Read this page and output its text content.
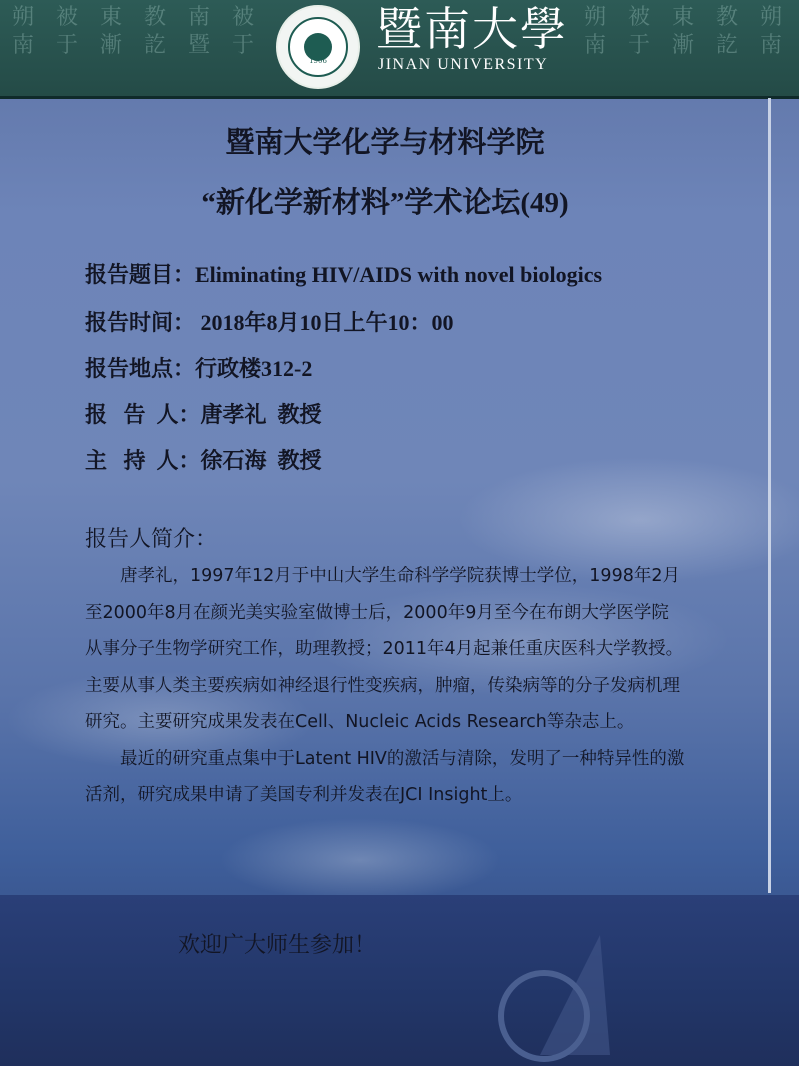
朔南
被于
東漸
教訖
南暨
被于
朔南
被于
東漸
教訖
朔南
1906
暨南大學
JINAN UNIVERSITY
暨南大学化学与材料学院
“新化学新材料”学术论坛(49)
报告题目：Eliminating HIV/AIDS with novel biologics
报告时间： 2018年8月10日上午10：00
报告地点：行政楼312-2
报   告  人：唐孝礼  教授
主   持  人：徐石海  教授
报告人简介：

唐孝礼，1997年12月于中山大学生命科学学院获博士学位，1998年2月至2000年8月在颜光美实验室做博士后，2000年9月至今在布朗大学医学院从事分子生物学研究工作，助理教授；2011年4月起兼任重庆医科大学教授。主要从事人类主要疾病如神经退行性变疾病，肿瘤，传染病等的分子发病机理研究。主要研究成果发表在Cell、Nucleic Acids Research等杂志上。

最近的研究重点集中于Latent HIV的激活与清除，发明了一种特异性的激活剂，研究成果申请了美国专利并发表在JCI Insight上。

欢迎广大师生参加！
